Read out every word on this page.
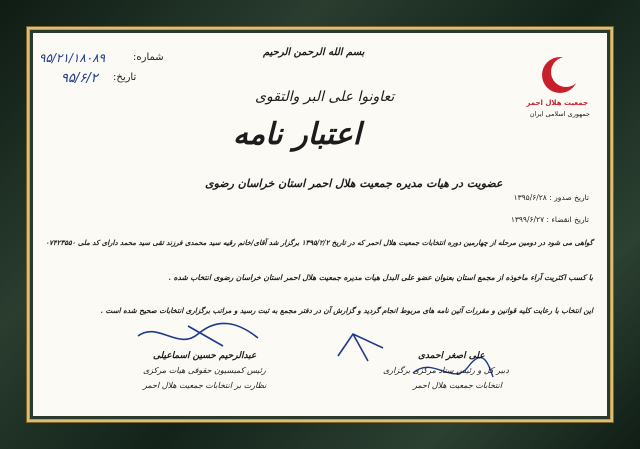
۹۵/۲۱/۱۸۰۸۹	شماره:
۹۵/۶/۲ تاریخ:
جمعیت هلال احمر
جمهوری اسلامی ایران
بسم الله الرحمن الرحیم
تعاونوا علی البر والتقوی
اعتبار نامه
عضویت در هیات مدیره جمعیت هلال احمر استان خراسان رضوی
تاریخ صدور : ۱۳۹۵/۶/۲۸
تاریخ انقضاء : ۱۳۹۹/۶/۲۷
گواهی می شود در دومین مرحله از چهارمین دوره انتخابات جمعیت هلال احمر که در تاریخ ۱۳۹۵/۲/۲ برگزار شد آقای/خانم رقیه سید محمدی فرزند تقی سید محمد دارای کد ملی ۰۷۴۲۳۵۵۰
با کسب اکثریت آراء ماخوذه از مجمع استان بعنوان عضو علی البدل هیات مدیره جمعیت هلال احمر استان خراسان رضوی انتخاب شده .
این انتخاب با رعایت کلیه قوانین و مقررات آئین نامه های مربوط انجام گردید و گزارش آن در دفتر مجمع به ثبت رسید و مراتب برگزاری انتخابات صحیح شده است .
عبدالرحیم حسین اسماعیلی
رئیس کمیسیون حقوقی هیات مرکزی
نظارت بر انتخابات جمعیت هلال احمر
علی اصغر احمدی
دبیر کل و رئیس ستاد مرکزی برگزاری
انتخابات جمعیت هلال احمر
